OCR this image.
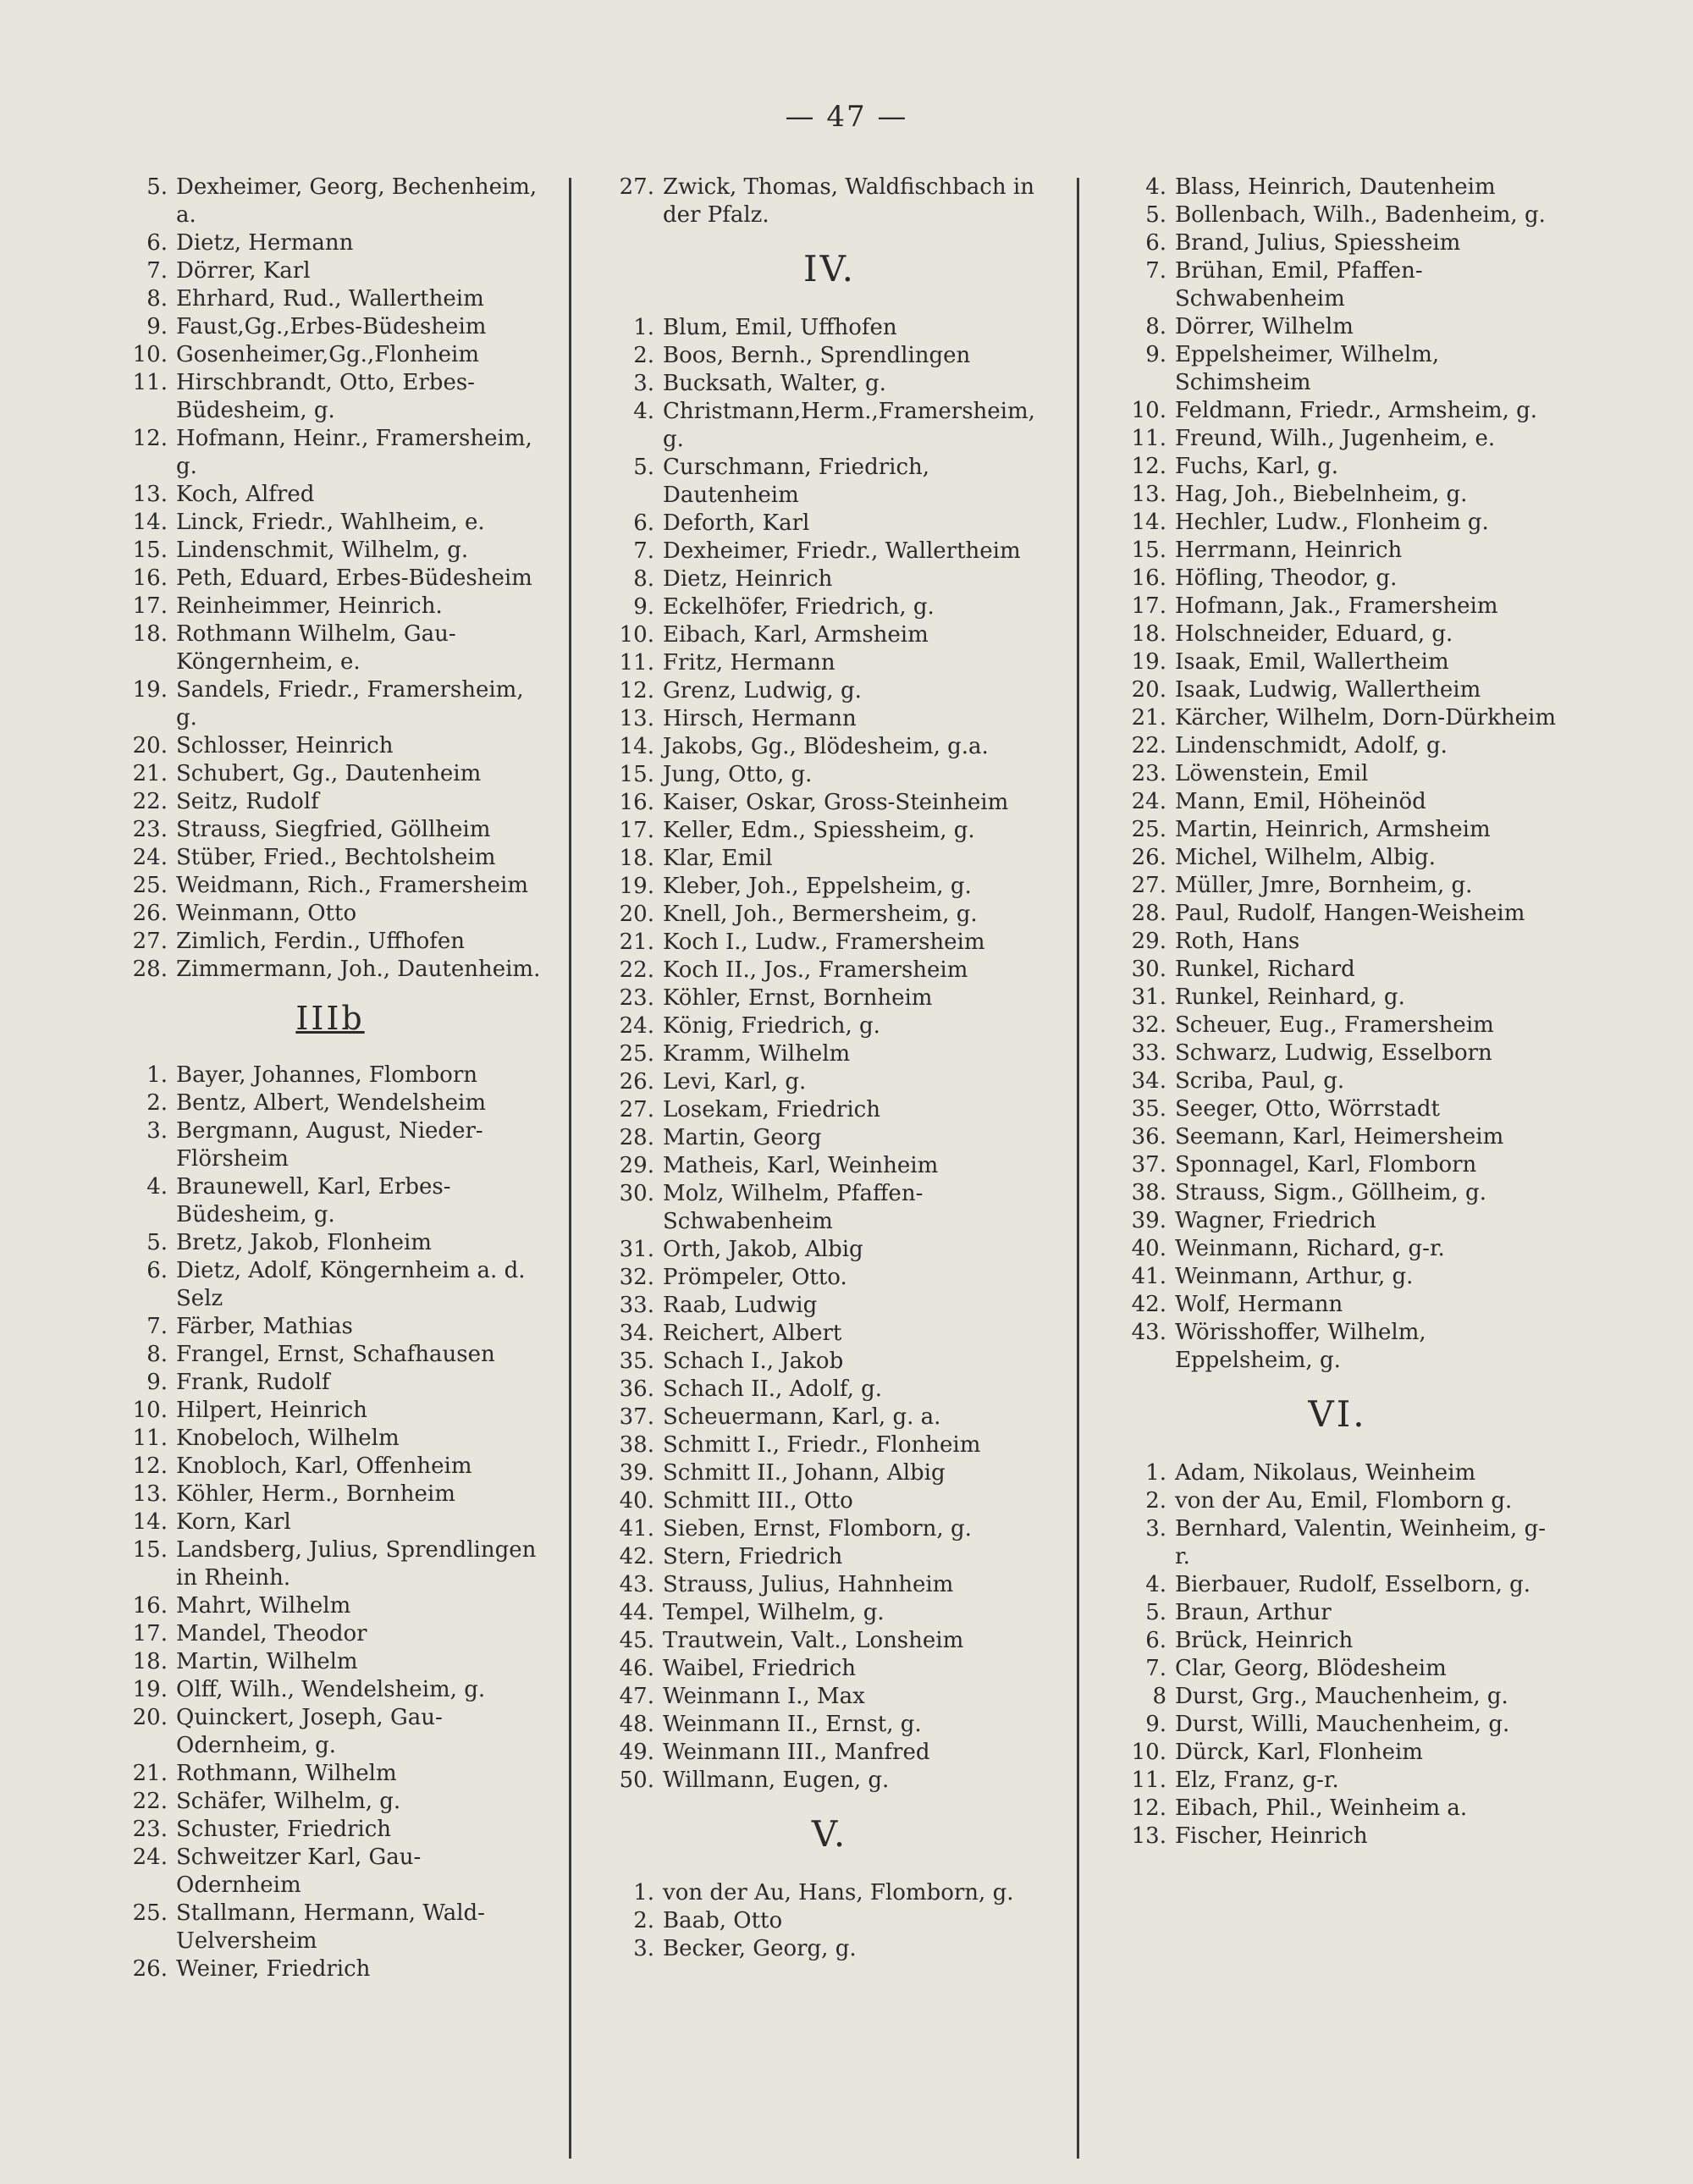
— 47 —
5. Dexheimer, Georg, Bechenheim, a.
6. Dietz, Hermann
7. Dörrer, Karl
8. Ehrhard, Rud., Wallertheim
9. Faust,Gg.,Erbes-Büdesheim
10. Gosenheimer,Gg.,Flonheim
11. Hirschbrandt, Otto, Erbes-Büdesheim, g.
12. Hofmann, Heinr., Framersheim, g.
13. Koch, Alfred
14. Linck, Friedr., Wahlheim, e.
15. Lindenschmit, Wilhelm, g.
16. Peth, Eduard, Erbes-Büdesheim
17. Reinheimmer, Heinrich.
18. Rothmann Wilhelm, Gau-Köngernheim, e.
19. Sandels, Friedr., Framersheim, g.
20. Schlosser, Heinrich
21. Schubert, Gg., Dautenheim
22. Seitz, Rudolf
23. Strauss, Siegfried, Göllheim
24. Stüber, Fried., Bechtolsheim
25. Weidmann, Rich., Framersheim
26. Weinmann, Otto
27. Zimlich, Ferdin., Uffhofen
28. Zimmermann, Joh., Dautenheim.
IIIb
1. Bayer, Johannes, Flomborn
2. Bentz, Albert, Wendelsheim
3. Bergmann, August, Nieder-Flörsheim
4. Braunewell, Karl, Erbes-Büdesheim, g.
5. Bretz, Jakob, Flonheim
6. Dietz, Adolf, Köngernheim a. d. Selz
7. Färber, Mathias
8. Frangel, Ernst, Schafhausen
9. Frank, Rudolf
10. Hilpert, Heinrich
11. Knobeloch, Wilhelm
12. Knobloch, Karl, Offenheim
13. Köhler, Herm., Bornheim
14. Korn, Karl
15. Landsberg, Julius, Sprendlingen in Rheinh.
16. Mahrt, Wilhelm
17. Mandel, Theodor
18. Martin, Wilhelm
19. Olff, Wilh., Wendelsheim, g.
20. Quinckert, Joseph, Gau-Odernheim, g.
21. Rothmann, Wilhelm
22. Schäfer, Wilhelm, g.
23. Schuster, Friedrich
24. Schweitzer Karl, Gau-Odernheim
25. Stallmann, Hermann, Wald-Uelversheim
26. Weiner, Friedrich
27. Zwick, Thomas, Waldfischbach in der Pfalz.
IV.
1. Blum, Emil, Uffhofen
2. Boos, Bernh., Sprendlingen
3. Bucksath, Walter, g.
4. Christmann,Herm.,Framersheim, g.
5. Curschmann, Friedrich, Dautenheim
6. Deforth, Karl
7. Dexheimer, Friedr., Wallertheim
8. Dietz, Heinrich
9. Eckelhöfer, Friedrich, g.
10. Eibach, Karl, Armsheim
11. Fritz, Hermann
12. Grenz, Ludwig, g.
13. Hirsch, Hermann
14. Jakobs, Gg., Blödesheim, g.a.
15. Jung, Otto, g.
16. Kaiser, Oskar, Gross-Steinheim
17. Keller, Edm., Spiessheim, g.
18. Klar, Emil
19. Kleber, Joh., Eppelsheim, g.
20. Knell, Joh., Bermersheim, g.
21. Koch I., Ludw., Framersheim
22. Koch II., Jos., Framersheim
23. Köhler, Ernst, Bornheim
24. König, Friedrich, g.
25. Kramm, Wilhelm
26. Levi, Karl, g.
27. Losekam, Friedrich
28. Martin, Georg
29. Matheis, Karl, Weinheim
30. Molz, Wilhelm, Pfaffen-Schwabenheim
31. Orth, Jakob, Albig
32. Prömpeler, Otto.
33. Raab, Ludwig
34. Reichert, Albert
35. Schach I., Jakob
36. Schach II., Adolf, g.
37. Scheuermann, Karl, g. a.
38. Schmitt I., Friedr., Flonheim
39. Schmitt II., Johann, Albig
40. Schmitt III., Otto
41. Sieben, Ernst, Flomborn, g.
42. Stern, Friedrich
43. Strauss, Julius, Hahnheim
44. Tempel, Wilhelm, g.
45. Trautwein, Valt., Lonsheim
46. Waibel, Friedrich
47. Weinmann I., Max
48. Weinmann II., Ernst, g.
49. Weinmann III., Manfred
50. Willmann, Eugen, g.
V.
1. von der Au, Hans, Flomborn, g.
2. Baab, Otto
3. Becker, Georg, g.
4. Blass, Heinrich, Dautenheim
5. Bollenbach, Wilh., Badenheim, g.
6. Brand, Julius, Spiessheim
7. Brühan, Emil, Pfaffen-Schwabenheim
8. Dörrer, Wilhelm
9. Eppelsheimer, Wilhelm, Schimsheim
10. Feldmann, Friedr., Armsheim, g.
11. Freund, Wilh., Jugenheim, e.
12. Fuchs, Karl, g.
13. Hag, Joh., Biebelnheim, g.
14. Hechler, Ludw., Flonheim g.
15. Herrmann, Heinrich
16. Höfling, Theodor, g.
17. Hofmann, Jak., Framersheim
18. Holschneider, Eduard, g.
19. Isaak, Emil, Wallertheim
20. Isaak, Ludwig, Wallertheim
21. Kärcher, Wilhelm, Dorn-Dürkheim
22. Lindenschmidt, Adolf, g.
23. Löwenstein, Emil
24. Mann, Emil, Höheinöd
25. Martin, Heinrich, Armsheim
26. Michel, Wilhelm, Albig.
27. Müller, Jmre, Bornheim, g.
28. Paul, Rudolf, Hangen-Weisheim
29. Roth, Hans
30. Runkel, Richard
31. Runkel, Reinhard, g.
32. Scheuer, Eug., Framersheim
33. Schwarz, Ludwig, Esselborn
34. Scriba, Paul, g.
35. Seeger, Otto, Wörrstadt
36. Seemann, Karl, Heimersheim
37. Sponnagel, Karl, Flomborn
38. Strauss, Sigm., Göllheim, g.
39. Wagner, Friedrich
40. Weinmann, Richard, g-r.
41. Weinmann, Arthur, g.
42. Wolf, Hermann
43. Wörisshoffer, Wilhelm, Eppelsheim, g.
VI.
1. Adam, Nikolaus, Weinheim
2. von der Au, Emil, Flomborn g.
3. Bernhard, Valentin, Weinheim, g-r.
4. Bierbauer, Rudolf, Esselborn, g.
5. Braun, Arthur
6. Brück, Heinrich
7. Clar, Georg, Blödesheim
8 Durst, Grg., Mauchenheim, g.
9. Durst, Willi, Mauchenheim, g.
10. Dürck, Karl, Flonheim
11. Elz, Franz, g-r.
12. Eibach, Phil., Weinheim a.
13. Fischer, Heinrich
